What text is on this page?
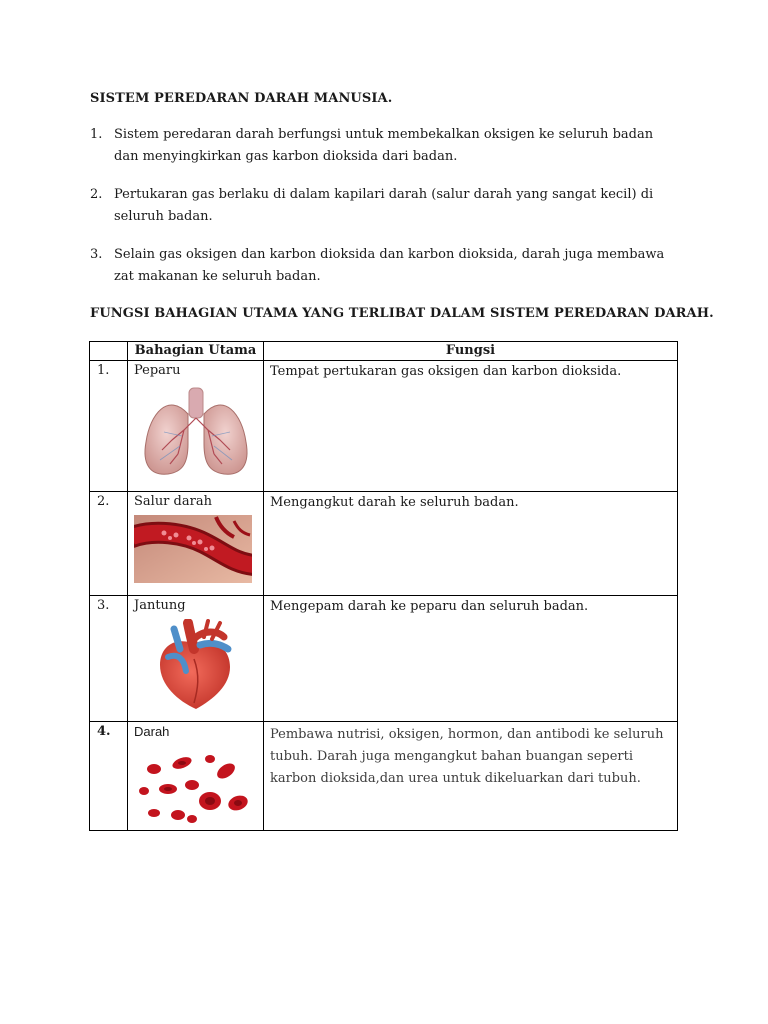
SISTEM PEREDARAN DARAH MANUSIA.
1. Sistem peredaran darah berfungsi untuk membekalkan oksigen ke seluruh badan dan menyingkirkan gas karbon dioksida dari badan.
2. Pertukaran gas berlaku di dalam kapilari darah (salur darah yang sangat kecil) di seluruh badan.
3. Selain gas oksigen dan karbon dioksida dan karbon dioksida, darah juga membawa zat makanan ke seluruh badan.
FUNGSI BAHAGIAN UTAMA YANG TERLIBAT DALAM SISTEM PEREDARAN DARAH.
	Bahagian Utama	Fungsi
1.	Peparu	Tempat pertukaran gas oksigen dan karbon dioksida.
2.	Salur darah	Mengangkut darah ke seluruh badan.
3.	Jantung	Mengepam darah ke peparu dan seluruh badan.
4.	Darah	Pembawa nutrisi, oksigen, hormon, dan antibodi ke seluruh tubuh. Darah juga mengangkut bahan buangan seperti karbon dioksida,dan urea untuk dikeluarkan dari tubuh.
